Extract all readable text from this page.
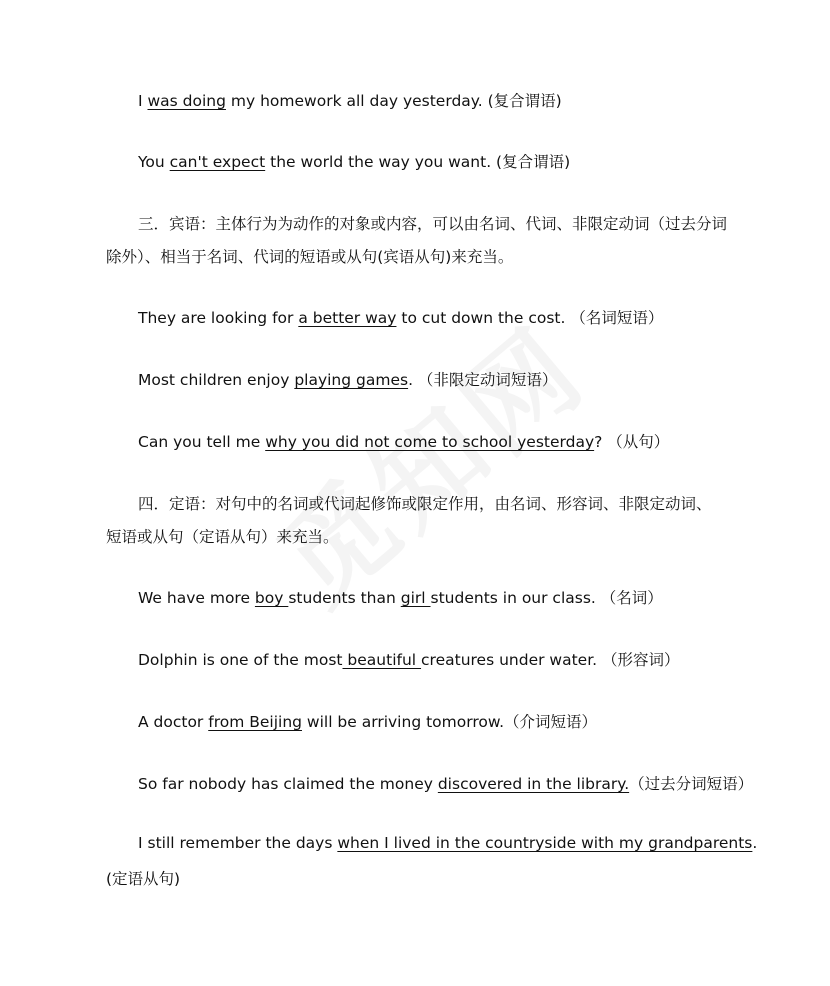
I was doing my homework all day yesterday. (复合谓语)
You can't expect the world the way you want. (复合谓语)
三．宾语：主体行为为动作的对象或内容，可以由名词、代词、非限定动词（过去分词
除外）、相当于名词、代词的短语或从句(宾语从句)来充当。
They are looking for a better way to cut down the cost. （名词短语）
Most children enjoy playing games. （非限定动词短语）
Can you tell me why you did not come to school yesterday? （从句）
四．定语：对句中的名词或代词起修饰或限定作用，由名词、形容词、非限定动词、
短语或从句（定语从句）来充当。
We have more boy students than girl students in our class. （名词）
Dolphin is one of the most beautiful creatures under water. （形容词）
A doctor from Beijing will be arriving tomorrow.（介词短语）
So far nobody has claimed the money discovered in the library.（过去分词短语）
I still remember the days when I lived in the countryside with my grandparents.
(定语从句)
